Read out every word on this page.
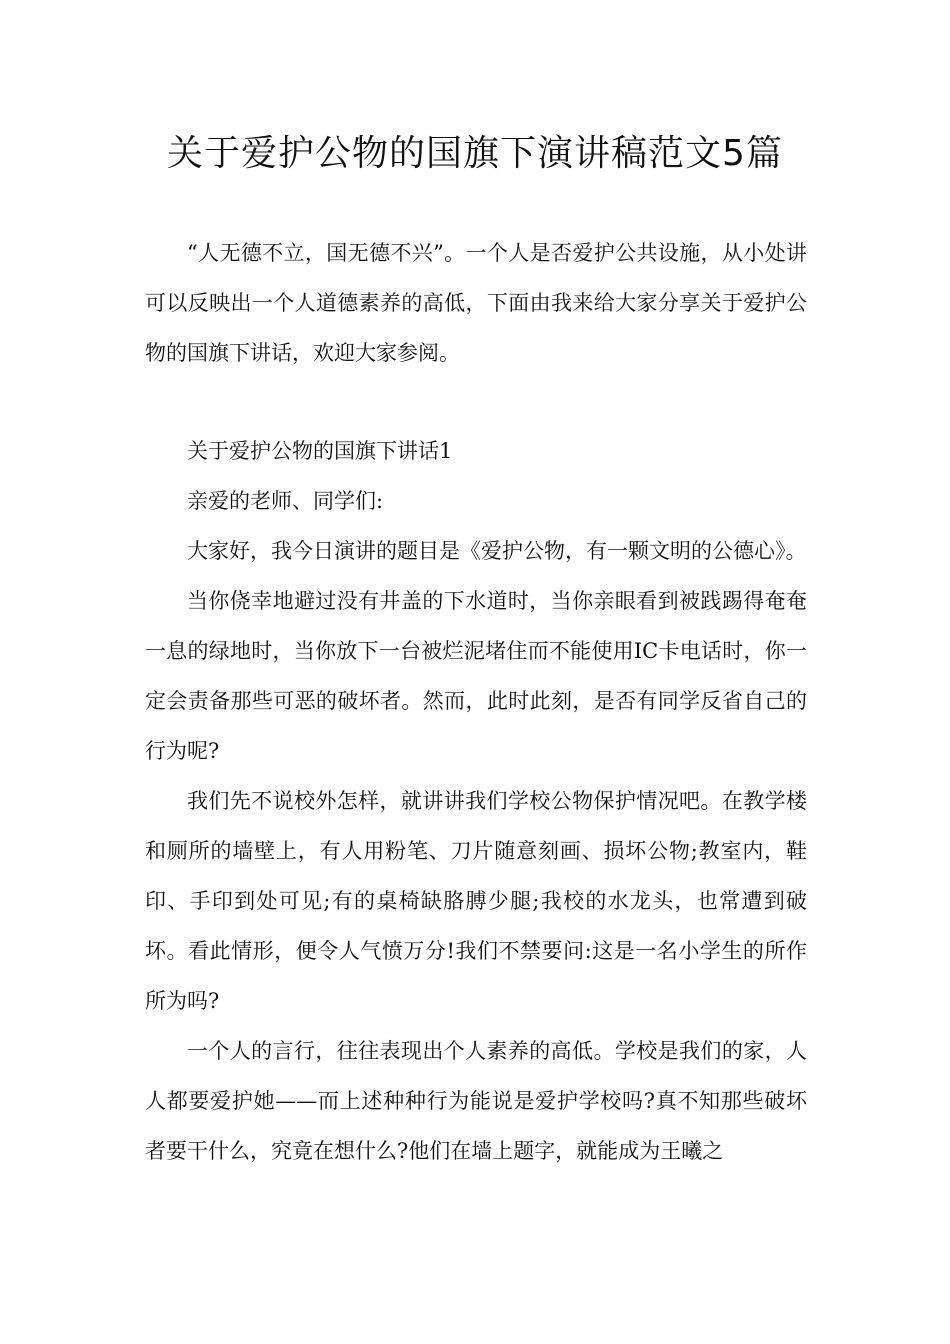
关于爱护公物的国旗下演讲稿范文5篇

“人无德不立，国无德不兴”。一个人是否爱护公共设施，从小处讲可以反映出一个人道德素养的高低，下面由我来给大家分享关于爱护公物的国旗下讲话，欢迎大家参阅。

关于爱护公物的国旗下讲话1

亲爱的老师、同学们:

大家好，我今日演讲的题目是《爱护公物，有一颗文明的公德心》。

当你侥幸地避过没有井盖的下水道时，当你亲眼看到被践踢得奄奄一息的绿地时，当你放下一台被烂泥堵住而不能使用IC卡电话时，你一定会责备那些可恶的破坏者。然而，此时此刻，是否有同学反省自己的行为呢?

我们先不说校外怎样，就讲讲我们学校公物保护情况吧。在教学楼和厕所的墙壁上，有人用粉笔、刀片随意刻画、损坏公物;教室内，鞋印、手印到处可见;有的桌椅缺胳膊少腿;我校的水龙头，也常遭到破坏。看此情形，便令人气愤万分!我们不禁要问:这是一名小学生的所作所为吗?

一个人的言行，往往表现出个人素养的高低。学校是我们的家，人人都要爱护她——而上述种种行为能说是爱护学校吗?真不知那些破坏者要干什么，究竟在想什么?他们在墙上题字，就能成为王曦之
